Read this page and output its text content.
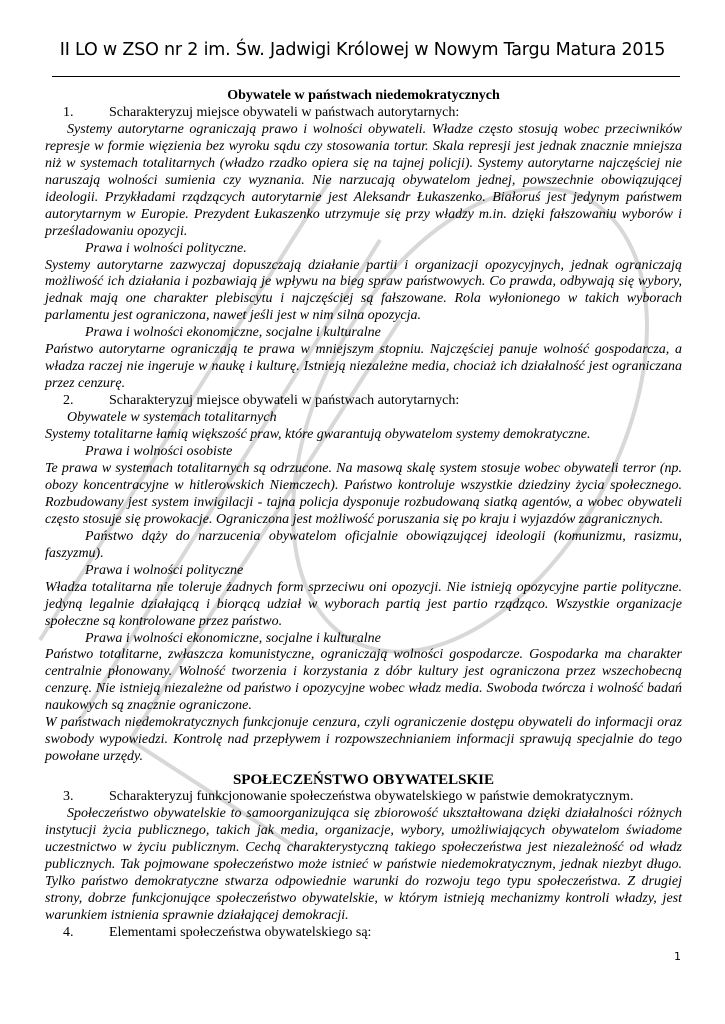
II LO w ZSO nr 2 im. Św. Jadwigi Królowej w Nowym Targu Matura 2015

Obywatele w państwach niedemokratycznych

1.	Scharakteryzuj miejsce obywateli w państwach autorytarnych:

Systemy autorytarne ograniczają prawo i wolności obywateli. Władze często stosują wobec przeciwników represje w formie więzienia bez wyroku sądu czy stosowania tortur. Skala represji jest jednak znacznie mniejsza niż w systemach totalitarnych (władzo rzadko opiera się na tajnej policji). Systemy autorytarne najczęściej nie naruszają wolności sumienia czy wyznania. Nie narzucają obywatelom jednej, powszechnie obowiązującej ideologii. Przykładami rządzących autorytarnie jest Aleksandr Łukaszenko. Białoruś jest jedynym państwem autorytarnym w Europie. Prezydent Łukaszenko utrzymuje się przy władzy m.in. dzięki fałszowaniu wyborów i prześladowaniu opozycji.

Prawa i wolności polityczne.

Systemy autorytarne zazwyczaj dopuszczają działanie partii i organizacji opozycyjnych, jednak ograniczają możliwość ich działania i pozbawiają je wpływu na bieg spraw państwowych. Co prawda, odbywają się wybory, jednak mają one charakter plebiscytu i najczęściej są fałszowane. Rola wyłonionego w takich wyborach parlamentu jest ograniczona, nawet jeśli jest w nim silna opozycja.

Prawa i wolności ekonomiczne, socjalne i kulturalne

Państwo autorytarne ograniczają te prawa w mniejszym stopniu. Najczęściej panuje wolność gospodarcza, a władza raczej nie ingeruje w naukę i kulturę. Istnieją niezależne media, chociaż ich działalność jest ograniczana przez cenzurę.

2.	Scharakteryzuj miejsce obywateli w państwach autorytarnych:

Obywatele w systemach totalitarnych

Systemy totalitarne łamią większość praw, które gwarantują obywatelom systemy demokratyczne.

Prawa i wolności osobiste

Te prawa w systemach totalitarnych są odrzucone. Na masową skalę system stosuje wobec obywateli terror (np. obozy koncentracyjne w hitlerowskich Niemczech). Państwo kontroluje wszystkie dziedziny życia społecznego. Rozbudowany jest system inwigilacji - tajna policja dysponuje rozbudowaną siatką agentów, a wobec obywateli często stosuje się prowokacje. Ograniczona jest możliwość poruszania się po kraju i wyjazdów zagranicznych.

Państwo dąży do narzucenia obywatelom oficjalnie obowiązującej ideologii (komunizmu, rasizmu, faszyzmu).

Prawa i wolności polityczne

Władza totalitarna nie toleruje żadnych form sprzeciwu oni opozycji. Nie istnieją opozycyjne partie polityczne. jedyną legalnie działającą i biorącą udział w wyborach partią jest partio rządząco. Wszystkie organizacje społeczne są kontrolowane przez państwo.

Prawa i wolności ekonomiczne, socjalne i kulturalne

Państwo totalitarne, zwłaszcza komunistyczne, ograniczają wolności gospodarcze. Gospodarka ma charakter centralnie płonowany. Wolność tworzenia i korzystania z dóbr kultury jest ograniczona przez wszechobecną cenzurę. Nie istnieją niezależne od państwo i opozycyjne wobec władz media. Swoboda twórcza i wolność badań naukowych są znacznie ograniczone.

W państwach niedemokratycznych funkcjonuje cenzura, czyli ograniczenie dostępu obywateli do informacji oraz swobody wypowiedzi. Kontrolę nad przepływem i rozpowszechnianiem informacji sprawują specjalnie do tego powołane urzędy.

SPOŁECZEŃSTWO OBYWATELSKIE

3.	Scharakteryzuj funkcjonowanie społeczeństwa obywatelskiego w państwie demokratycznym.

Społeczeństwo obywatelskie to samoorganizująca się zbiorowość ukształtowana dzięki działalności różnych instytucji życia publicznego, takich jak media, organizacje, wybory, umożliwiających obywatelom świadome uczestnictwo w życiu publicznym. Cechą charakterystyczną takiego społeczeństwa jest niezależność od władz publicznych. Tak pojmowane społeczeństwo może istnieć w państwie niedemokratycznym, jednak niezbyt długo. Tylko państwo demokratyczne stwarza odpowiednie warunki do rozwoju tego typu społeczeństwa. Z drugiej strony, dobrze funkcjonujące społeczeństwo obywatelskie, w którym istnieją mechanizmy kontroli władzy, jest warunkiem istnienia sprawnie działającej demokracji.

4.	Elementami społeczeństwa obywatelskiego są:

1
